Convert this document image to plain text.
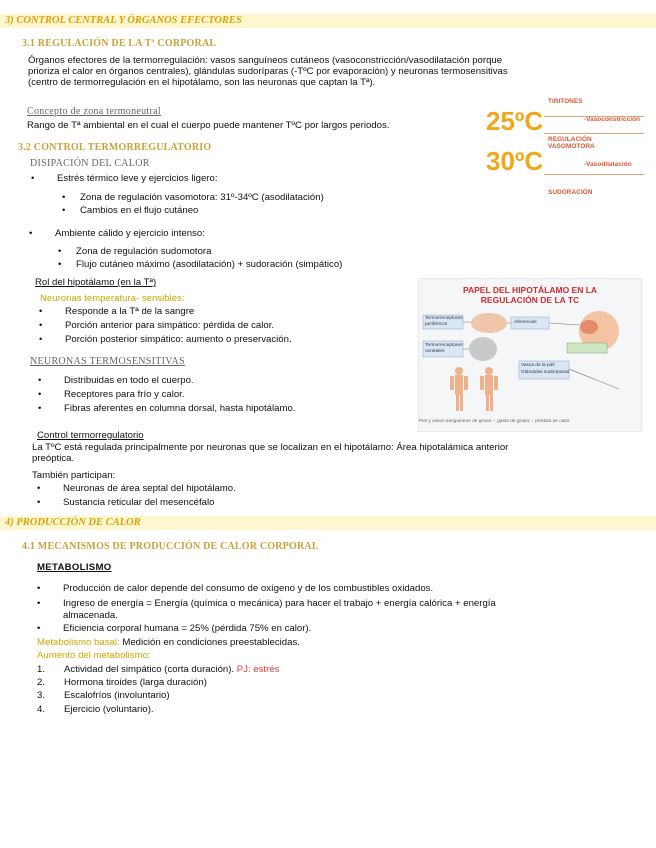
3) CONTROL CENTRAL Y ÓRGANOS EFECTORES
3.1 REGULACIÓN DE LA Tª CORPORAL
Órganos efectores de la termorregulación: vasos sanguíneos cutáneos (vasoconstricción/vasodilatación porque
prioriza el calor en órganos centrales), glándulas sudoríparas (-TºC por evaporación) y neuronas termosensitivas
(centro de termorregulación en el hipotálamo, son las neuronas que captan la Tª).
Concepto de zona termoneutral
Rango de Tª ambiental en el cual el cuerpo puede mantener TºC por largos periodos.
3.2 CONTROL TERMORREGULATORIO
DISIPACIÓN DEL CALOR
• Estrés térmico leve y ejercicios ligero:
• Zona de regulación vasomotora: 31º-34ºC (asodilatación)
• Cambios en el flujo cutáneo
• Ambiente cálido y ejercicio intenso:
• Zona de regulación sudomotora
• Flujo cutáneo máximo (asodilatación) + sudoración (simpático)
Rol del hipotálamo (en la Tª)
Neuronas temperatura- sensibles:
• Responde a la Tª de la sangre
• Porción anterior para simpático: pérdida de calor.
• Porción posterior simpático: aumento o preservación.
NEURONAS TERMOSENSITIVAS
• Distribuidas en todo el cuerpo.
• Receptores para frío y calor.
• Fibras aferentes en columna dorsal, hasta hipotálamo.
Control termorregulatorio
La TºC está regulada principalmente por neuronas que se localizan en el hipotálamo: Área hipotalámica anterior
preóptica.
También participan:
• Neuronas de área septal del hipotálamo.
• Sustancia reticular del mesencéfalo
4) PRODUCCIÓN DE CALOR
4.1 MECANISMOS DE PRODUCCIÓN DE CALOR CORPORAL
METABOLISMO
• Producción de calor depende del consumo de oxígeno y de los combustibles oxidados.
• Ingreso de energía = Energía (química o mecánica) para hacer el trabajo + energía calórica + energía
almacenada.
• Eficiencia corporal humana = 25% (pérdida 75% en calor).
Metabolismo basal: Medición en condiciones preestablecidas.
Aumento del metabolismo:
1. Actividad del simpático (corta duración). PJ: estrés
2. Hormona tiroides (larga duración)
3. Escalofríos (involuntario)
4. Ejercicio (voluntario).
25ºC
30ºC
TIRITONES
-Vasoconstricción
REGULACIÓN VASOMOTORA
-Vasodilatación
SUDORACIÓN
PAPEL DEL HIPOTÁLAMO EN LA
REGULACIÓN DE LA TC
Termorreceptores periféricos	Aferencias
Termorreceptores centrales
Vasos de la piel
Glándulas sudoríparas
Piel y vasos sanguíneos de grasa: ↑ gasto de grasa; ↓ pérdida de calor
